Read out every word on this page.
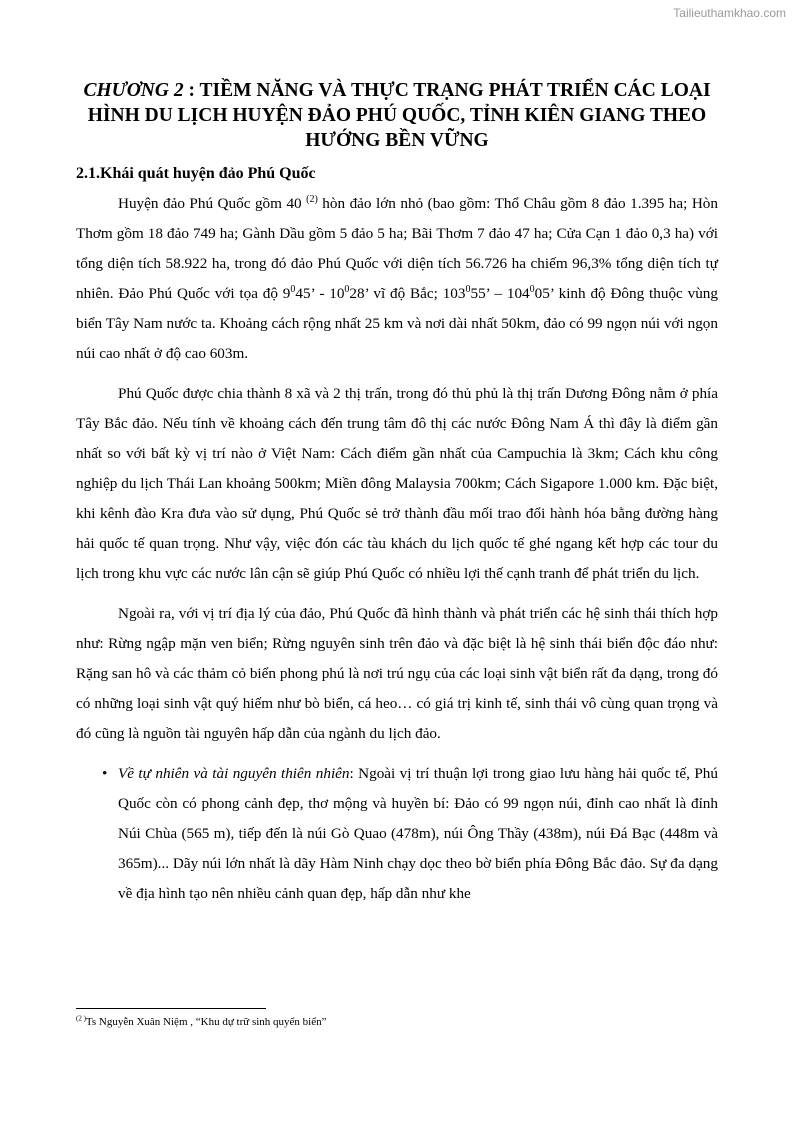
Tailieuthamkhao.com
CHƯƠNG 2 : TIỀM NĂNG VÀ THỰC TRẠNG PHÁT TRIỂN CÁC LOẠI HÌNH DU LỊCH HUYỆN ĐẢO PHÚ QUỐC, TỈNH KIÊN GIANG THEO HƯỚNG BỀN VỮNG
2.1.Khái quát huyện đảo Phú Quốc

Huyện đảo Phú Quốc gồm 40 $^{(2)}$ hòn đảo lớn nhỏ (bao gồm: Thổ Châu gồm 8 đảo 1.395 ha; Hòn Thơm gồm 18 đảo 749 ha; Gành Dầu gồm 5 đảo 5 ha; Bãi Thơm 7 đảo 47 ha; Cửa Cạn 1 đảo 0,3 ha) với tổng diện tích 58.922 ha, trong đó đảo Phú Quốc với diện tích 56.726 ha chiếm 96,3% tổng diện tích tự nhiên. Đảo Phú Quốc với tọa độ $9^045$’ - $10^028$’ vĩ độ Bắc; $103^055$’ – $104^005$’ kinh độ Đông thuộc vùng biển Tây Nam nước ta. Khoảng cách rộng nhất 25 km và nơi dài nhất 50km, đảo có 99 ngọn núi với ngọn núi cao nhất ở độ cao 603m.

Phú Quốc được chia thành 8 xã và 2 thị trấn, trong đó thủ phủ là thị trấn Dương Đông nằm ở phía Tây Bắc đảo. Nếu tính về khoảng cách đến trung tâm đô thị các nước Đông Nam Á thì đây là điểm gần nhất so với bất kỳ vị trí nào ở Việt Nam: Cách điểm gần nhất của Campuchia là 3km; Cách khu công nghiệp du lịch Thái Lan khoảng 500km; Miền đông Malaysia 700km; Cách Sigapore 1.000 km. Đặc biệt, khi kênh đào Kra đưa vào sử dụng, Phú Quốc sẻ trở thành đầu mối trao đổi hành hóa bằng đường hàng hải quốc tế quan trọng. Như vậy, việc đón các tàu khách du lịch quốc tế ghé ngang kết hợp các tour du lịch trong khu vực các nước lân cận sẽ giúp Phú Quốc có nhiều lợi thế cạnh tranh để phát triển du lịch.

Ngoài ra, với vị trí địa lý của đảo, Phú Quốc đã hình thành và phát triển các hệ sinh thái thích hợp như: Rừng ngập mặn ven biển; Rừng nguyên sinh trên đảo và đặc biệt là hệ sinh thái biển độc đáo như: Rặng san hô và các thảm cỏ biển phong phú là nơi trú ngụ của các loại sinh vật biển rất đa dạng, trong đó có những loại sinh vật quý hiếm như bò biển, cá heo… có giá trị kinh tế, sinh thái vô cùng quan trọng và đó cũng là nguồn tài nguyên hấp dẫn của ngành du lịch đảo.

• Về tự nhiên và tài nguyên thiên nhiên: Ngoài vị trí thuận lợi trong giao lưu hàng hải quốc tế, Phú Quốc còn có phong cảnh đẹp, thơ mộng và huyền bí: Đảo có 99 ngọn núi, đỉnh cao nhất là đỉnh Núi Chùa (565 m), tiếp đến là núi Gò Quao (478m), núi Ông Thầy (438m), núi Đá Bạc (448m và 365m)... Dãy núi lớn nhất là dãy Hàm Ninh chạy dọc theo bờ biển phía Đông Bắc đảo. Sự đa dạng về địa hình tạo nên nhiều cảnh quan đẹp, hấp dẫn như khe
$^{(2 )}$Ts Nguyễn Xuân Niệm , “Khu dự trữ sinh quyển biển”
